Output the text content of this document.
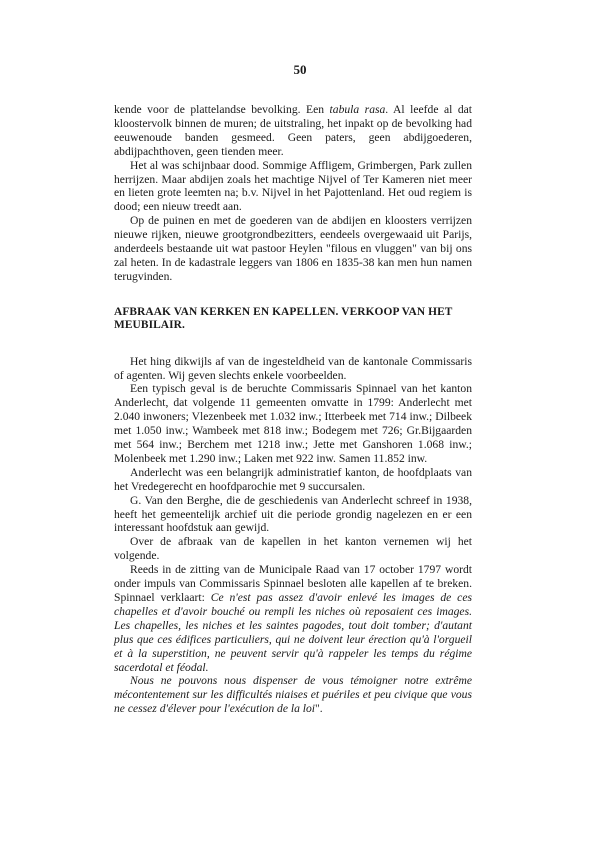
50

kende voor de plattelandse bevolking. Een tabula rasa. Al leefde al dat kloostervolk binnen de muren; de uitstraling, het inpakt op de bevolking had eeuwenoude banden gesmeed. Geen paters, geen abdijgoederen, abdijpachthoven, geen tienden meer.

Het al was schijnbaar dood. Sommige Affligem, Grimbergen, Park zullen herrijzen. Maar abdijen zoals het machtige Nijvel of Ter Kameren niet meer en lieten grote leemten na; b.v. Nijvel in het Pajottenland. Het oud regiem is dood; een nieuw treedt aan.

Op de puinen en met de goederen van de abdijen en kloosters verrijzen nieuwe rijken, nieuwe grootgrondbezitters, eendeels overgewaaid uit Parijs, anderdeels bestaande uit wat pastoor Heylen "filous en vluggen" van bij ons zal heten. In de kadastrale leggers van 1806 en 1835-38 kan men hun namen terugvinden.

AFBRAAK VAN KERKEN EN KAPELLEN. VERKOOP VAN HET MEUBILAIR.

Het hing dikwijls af van de ingesteldheid van de kantonale Commissaris of agenten. Wij geven slechts enkele voorbeelden.

Een typisch geval is de beruchte Commissaris Spinnael van het kanton Anderlecht, dat volgende 11 gemeenten omvatte in 1799: Anderlecht met 2.040 inwoners; Vlezenbeek met 1.032 inw.; Itterbeek met 714 inw.; Dilbeek met 1.050 inw.; Wambeek met 818 inw.; Bodegem met 726; Gr.Bijgaarden met 564 inw.; Berchem met 1218 inw.; Jette met Ganshoren 1.068 inw.; Molenbeek met 1.290 inw.; Laken met 922 inw. Samen 11.852 inw.

Anderlecht was een belangrijk administratief kanton, de hoofdplaats van het Vredegerecht en hoofdparochie met 9 succursalen.

G. Van den Berghe, die de geschiedenis van Anderlecht schreef in 1938, heeft het gemeentelijk archief uit die periode grondig nagelezen en er een interessant hoofdstuk aan gewijd.

Over de afbraak van de kapellen in het kanton vernemen wij het volgende.

Reeds in de zitting van de Municipale Raad van 17 october 1797 wordt onder impuls van Commissaris Spinnael besloten alle kapellen af te breken. Spinnael verklaart: Ce n'est pas assez d'avoir enlevé les images de ces chapelles et d'avoir bouché ou rempli les niches où reposaient ces images. Les chapelles, les niches et les saintes pagodes, tout doit tomber; d'autant plus que ces édifices particuliers, qui ne doivent leur érection qu'à l'orgueil et à la superstition, ne peuvent servir qu'à rappeler les temps du régime sacerdotal et féodal.

Nous ne pouvons nous dispenser de vous témoigner notre extrême mécontentement sur les difficultés niaises et puériles et peu civique que vous ne cessez d'élever pour l'exécution de la loi".
